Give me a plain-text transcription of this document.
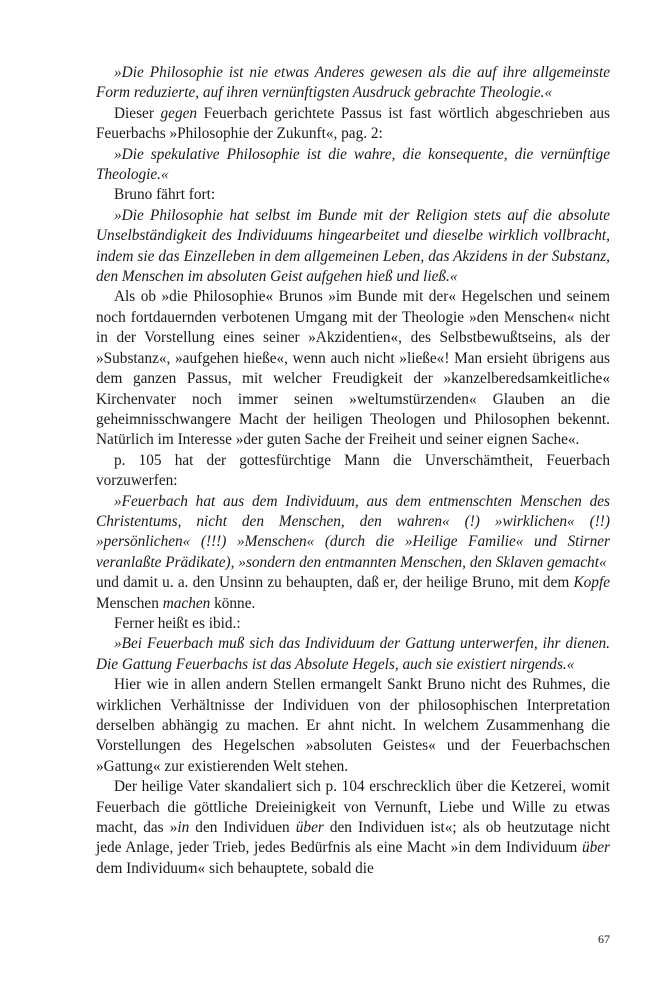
»Die Philosophie ist nie etwas Anderes gewesen als die auf ihre allgemeinste Form reduzierte, auf ihren vernünftigsten Ausdruck gebrachte Theologie.«

Dieser gegen Feuerbach gerichtete Passus ist fast wörtlich abgeschrieben aus Feuerbachs »Philosophie der Zukunft«, pag. 2:

»Die spekulative Philosophie ist die wahre, die konsequente, die vernünftige Theologie.«

Bruno fährt fort:

»Die Philosophie hat selbst im Bunde mit der Religion stets auf die absolute Unselbständigkeit des Individuums hingearbeitet und dieselbe wirklich vollbracht, indem sie das Einzelleben in dem allgemeinen Leben, das Akzidens in der Substanz, den Menschen im absoluten Geist aufgehen hieß und ließ.«

Als ob »die Philosophie« Brunos »im Bunde mit der« Hegelschen und seinem noch fortdauernden verbotenen Umgang mit der Theologie »den Menschen« nicht in der Vorstellung eines seiner »Akzidentien«, des Selbstbewußtseins, als der »Substanz«, »aufgehen hieße«, wenn auch nicht »ließe«! Man ersieht übrigens aus dem ganzen Passus, mit welcher Freudigkeit der »kanzelberedsamkeitliche« Kirchenvater noch immer seinen »weltumstürzenden« Glauben an die geheimnisschwangere Macht der heiligen Theologen und Philosophen bekennt. Natürlich im Interesse »der guten Sache der Freiheit und seiner eignen Sache«.

p. 105 hat der gottesfürchtige Mann die Unverschämtheit, Feuerbach vorzuwerfen:

»Feuerbach hat aus dem Individuum, aus dem entmenschten Menschen des Christentums, nicht den Menschen, den wahren« (!) »wirklichen« (!!) »persönlichen« (!!!) »Menschen« (durch die »Heilige Familie« und Stirner veranlaßte Prädikate), »sondern den entmannten Menschen, den Sklaven gemacht«

und damit u. a. den Unsinn zu behaupten, daß er, der heilige Bruno, mit dem Kopfe Menschen machen könne.

Ferner heißt es ibid.:

»Bei Feuerbach muß sich das Individuum der Gattung unterwerfen, ihr dienen. Die Gattung Feuerbachs ist das Absolute Hegels, auch sie existiert nirgends.«

Hier wie in allen andern Stellen ermangelt Sankt Bruno nicht des Ruhmes, die wirklichen Verhältnisse der Individuen von der philosophischen Interpretation derselben abhängig zu machen. Er ahnt nicht. In welchem Zusammenhang die Vorstellungen des Hegelschen »absoluten Geistes« und der Feuerbachschen »Gattung« zur existierenden Welt stehen.

Der heilige Vater skandaliert sich p. 104 erschrecklich über die Ketzerei, womit Feuerbach die göttliche Dreieinigkeit von Vernunft, Liebe und Wille zu etwas macht, das »in den Individuen über den Individuen ist«; als ob heutzutage nicht jede Anlage, jeder Trieb, jedes Bedürfnis als eine Macht »in dem Individuum über dem Individuum« sich behauptete, sobald die

67
